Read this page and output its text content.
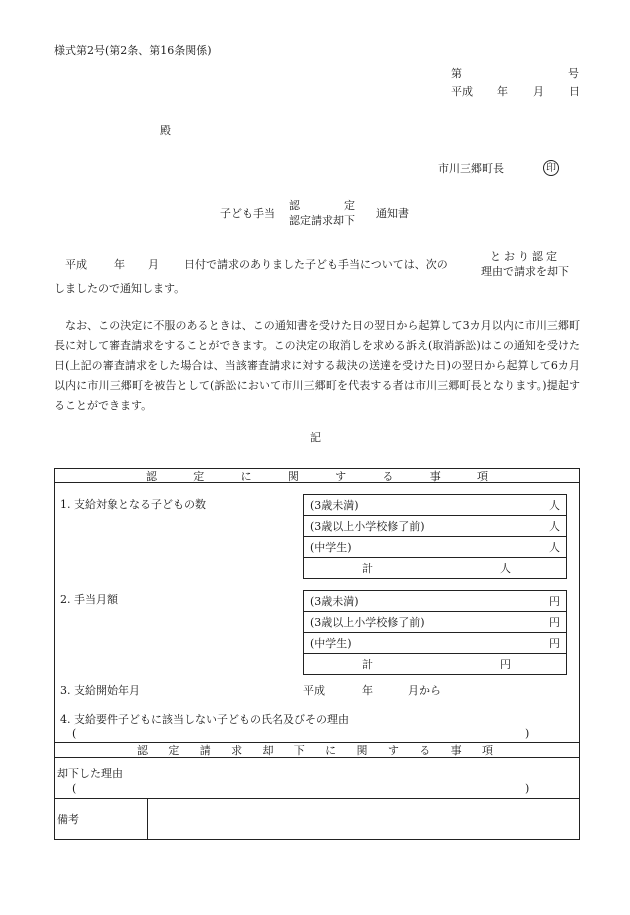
様式第2号(第2条、第16条関係)
第	号
平成 年 月 日
殿
市川三郷町長	印
子ども手当
認　　　　定
認定請求却下
通知書
平成 年 月 日付で請求のありました子ども手当については、次の
とおり認定
理由で請求を却下
しましたので通知します。
　なお、この決定に不服のあるときは、この通知書を受けた日の翌日から起算して3カ月以内に市川三郷町長に対して審査請求をすることができます。この決定の取消しを求める訴え(取消訴訟)はこの通知を受けた日(上記の審査請求をした場合は、当該審査請求に対する裁決の送達を受けた日)の翌日から起算して6カ月以内に市川三郷町を被告として(訴訟において市川三郷町を代表する者は市川三郷町長となります。)提起することができます。
記
認	定	に	関	す	る	事	項
1. 支給対象となる子どもの数	(3歳未満)	人
(3歳以上小学校修了前)	人
(中学生)	人
計	人
2. 手当月額	(3歳未満)	円
(3歳以上小学校修了前)	円
(中学生)	円
計	円
3. 支給開始年月	平成	年	月から
4. 支給要件子どもに該当しない子どもの氏名及びその理由
(	)
認 定 請 求 却 下 に 関 す る 事 項
却下した理由
(	)
備考
